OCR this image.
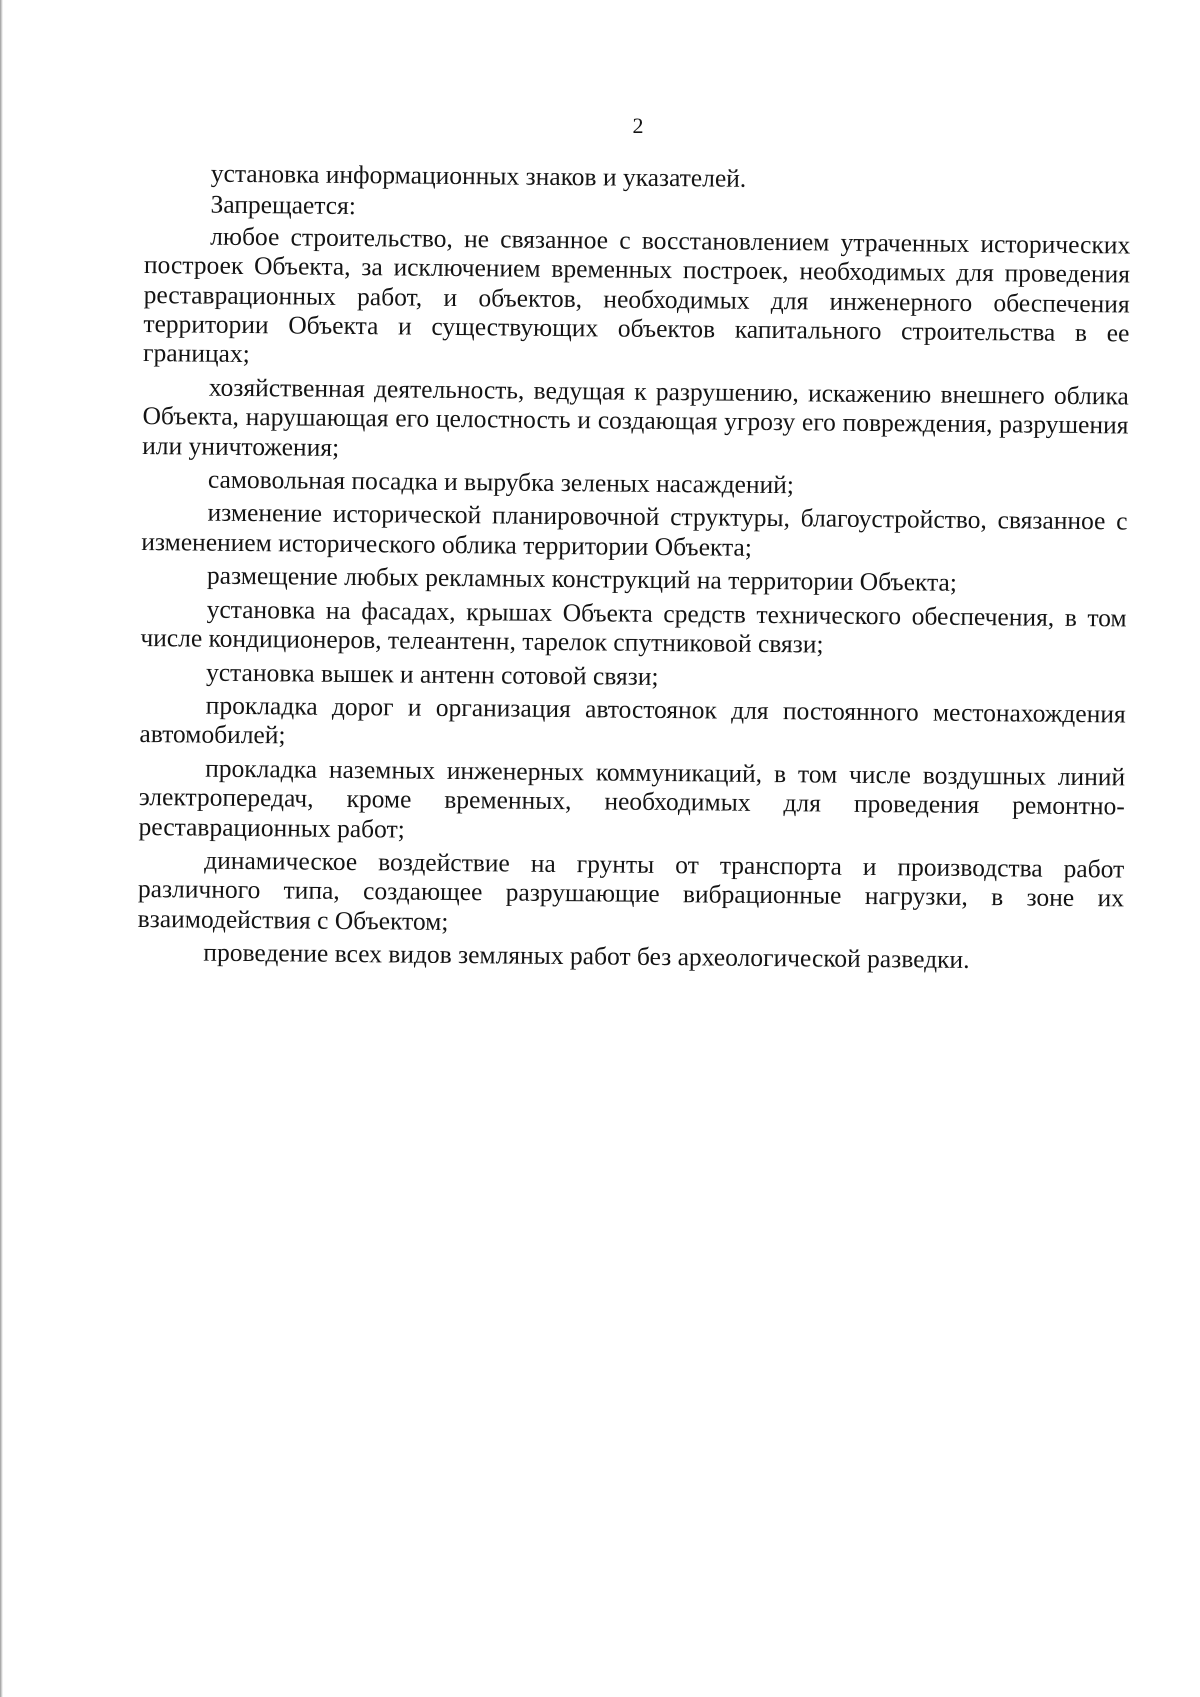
2

установка информационных знаков и указателей.

Запрещается:

любое строительство, не связанное с восстановлением утраченных исторических построек Объекта, за исключением временных построек, необходимых для проведения реставрационных работ, и объектов, необходимых для инженерного обеспечения территории Объекта и существующих объектов капитального строительства в ее границах;

хозяйственная деятельность, ведущая к разрушению, искажению внешнего облика Объекта, нарушающая его целостность и создающая угрозу его повреждения, разрушения или уничтожения;

самовольная посадка и вырубка зеленых насаждений;

изменение исторической планировочной структуры, благоустройство, связанное с изменением исторического облика территории Объекта;

размещение любых рекламных конструкций на территории Объекта;

установка на фасадах, крышах Объекта средств технического обеспечения, в том числе кондиционеров, телеантенн, тарелок спутниковой связи;

установка вышек и антенн сотовой связи;

прокладка дорог и организация автостоянок для постоянного местонахождения автомобилей;

прокладка наземных инженерных коммуникаций, в том числе воздушных линий электропередач, кроме временных, необходимых для проведения ремонтно-реставрационных работ;

динамическое воздействие на грунты от транспорта и производства работ различного типа, создающее разрушающие вибрационные нагрузки, в зоне их взаимодействия с Объектом;

проведение всех видов земляных работ без археологической разведки.
